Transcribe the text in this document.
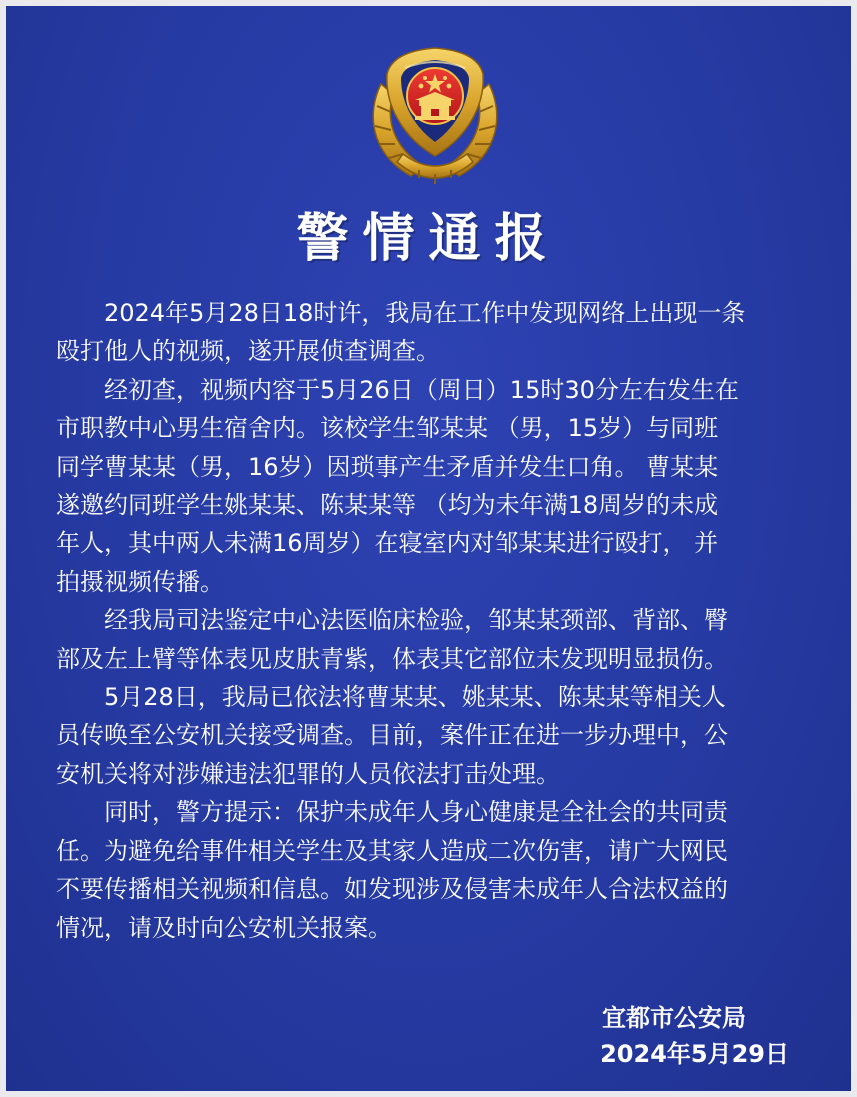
警情通报

2024年5月28日18时许，我局在工作中发现网络上出现一条
殴打他人的视频，遂开展侦查调查。

经初查，视频内容于5月26日（周日）15时30分左右发生在
市职教中心男生宿舍内。该校学生邹某某 （男，15岁）与同班
同学曹某某（男，16岁）因琐事产生矛盾并发生口角。 曹某某
遂邀约同班学生姚某某、陈某某等 （均为未年满18周岁的未成
年人，其中两人未满16周岁）在寝室内对邹某某进行殴打， 并
拍摄视频传播。

经我局司法鉴定中心法医临床检验，邹某某颈部、背部、臀
部及左上臂等体表见皮肤青紫，体表其它部位未发现明显损伤。

5月28日，我局已依法将曹某某、姚某某、陈某某等相关人
员传唤至公安机关接受调查。目前，案件正在进一步办理中，公
安机关将对涉嫌违法犯罪的人员依法打击处理。

同时，警方提示：保护未成年人身心健康是全社会的共同责
任。为避免给事件相关学生及其家人造成二次伤害，请广大网民
不要传播相关视频和信息。如发现涉及侵害未成年人合法权益的
情况，请及时向公安机关报案。

宜都市公安局
2024年5月29日
